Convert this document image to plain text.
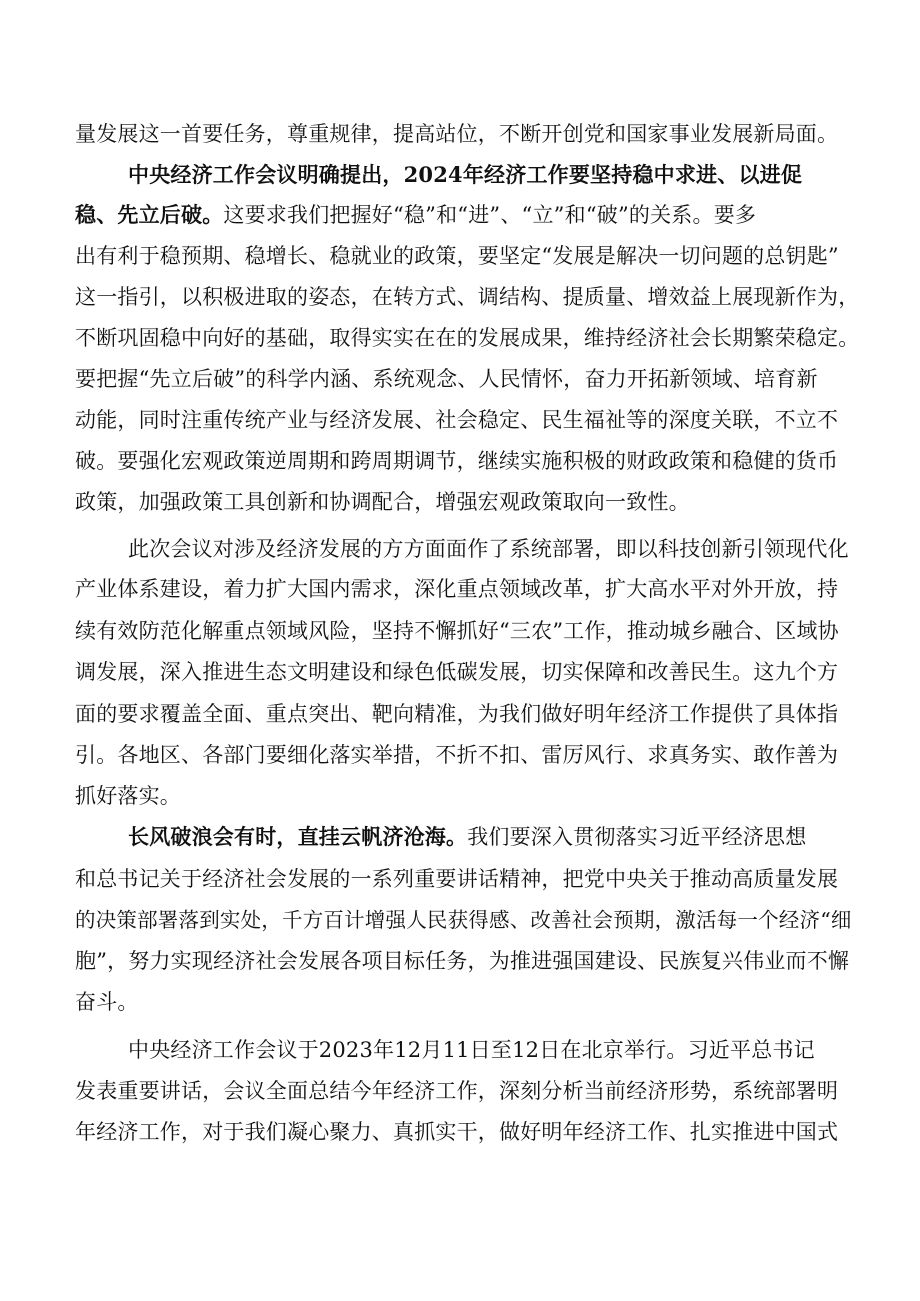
量发展这一首要任务，尊重规律，提高站位，不断开创党和国家事业发展新局面。
中央经济工作会议明确提出，2024年经济工作要坚持稳中求进、以进促
稳、先立后破。这要求我们把握好“稳”和“进”、“立”和“破”的关系。要多
出有利于稳预期、稳增长、稳就业的政策，要坚定“发展是解决一切问题的总钥匙”
这一指引，以积极进取的姿态，在转方式、调结构、提质量、增效益上展现新作为，
不断巩固稳中向好的基础，取得实实在在的发展成果，维持经济社会长期繁荣稳定。
要把握“先立后破”的科学内涵、系统观念、人民情怀，奋力开拓新领域、培育新
动能，同时注重传统产业与经济发展、社会稳定、民生福祉等的深度关联，不立不
破。要强化宏观政策逆周期和跨周期调节，继续实施积极的财政政策和稳健的货币
政策，加强政策工具创新和协调配合，增强宏观政策取向一致性。
此次会议对涉及经济发展的方方面面作了系统部署，即以科技创新引领现代化
产业体系建设，着力扩大国内需求，深化重点领域改革，扩大高水平对外开放，持
续有效防范化解重点领域风险，坚持不懈抓好“三农”工作，推动城乡融合、区域协
调发展，深入推进生态文明建设和绿色低碳发展，切实保障和改善民生。这九个方
面的要求覆盖全面、重点突出、靶向精准，为我们做好明年经济工作提供了具体指
引。各地区、各部门要细化落实举措，不折不扣、雷厉风行、求真务实、敢作善为
抓好落实。
长风破浪会有时，直挂云帆济沧海。我们要深入贯彻落实习近平经济思想
和总书记关于经济社会发展的一系列重要讲话精神，把党中央关于推动高质量发展
的决策部署落到实处，千方百计增强人民获得感、改善社会预期，激活每一个经济“细
胞”，努力实现经济社会发展各项目标任务，为推进强国建设、民族复兴伟业而不懈
奋斗。
中央经济工作会议于2023年12月11日至12日在北京举行。习近平总书记
发表重要讲话，会议全面总结今年经济工作，深刻分析当前经济形势，系统部署明
年经济工作，对于我们凝心聚力、真抓实干，做好明年经济工作、扎实推进中国式
